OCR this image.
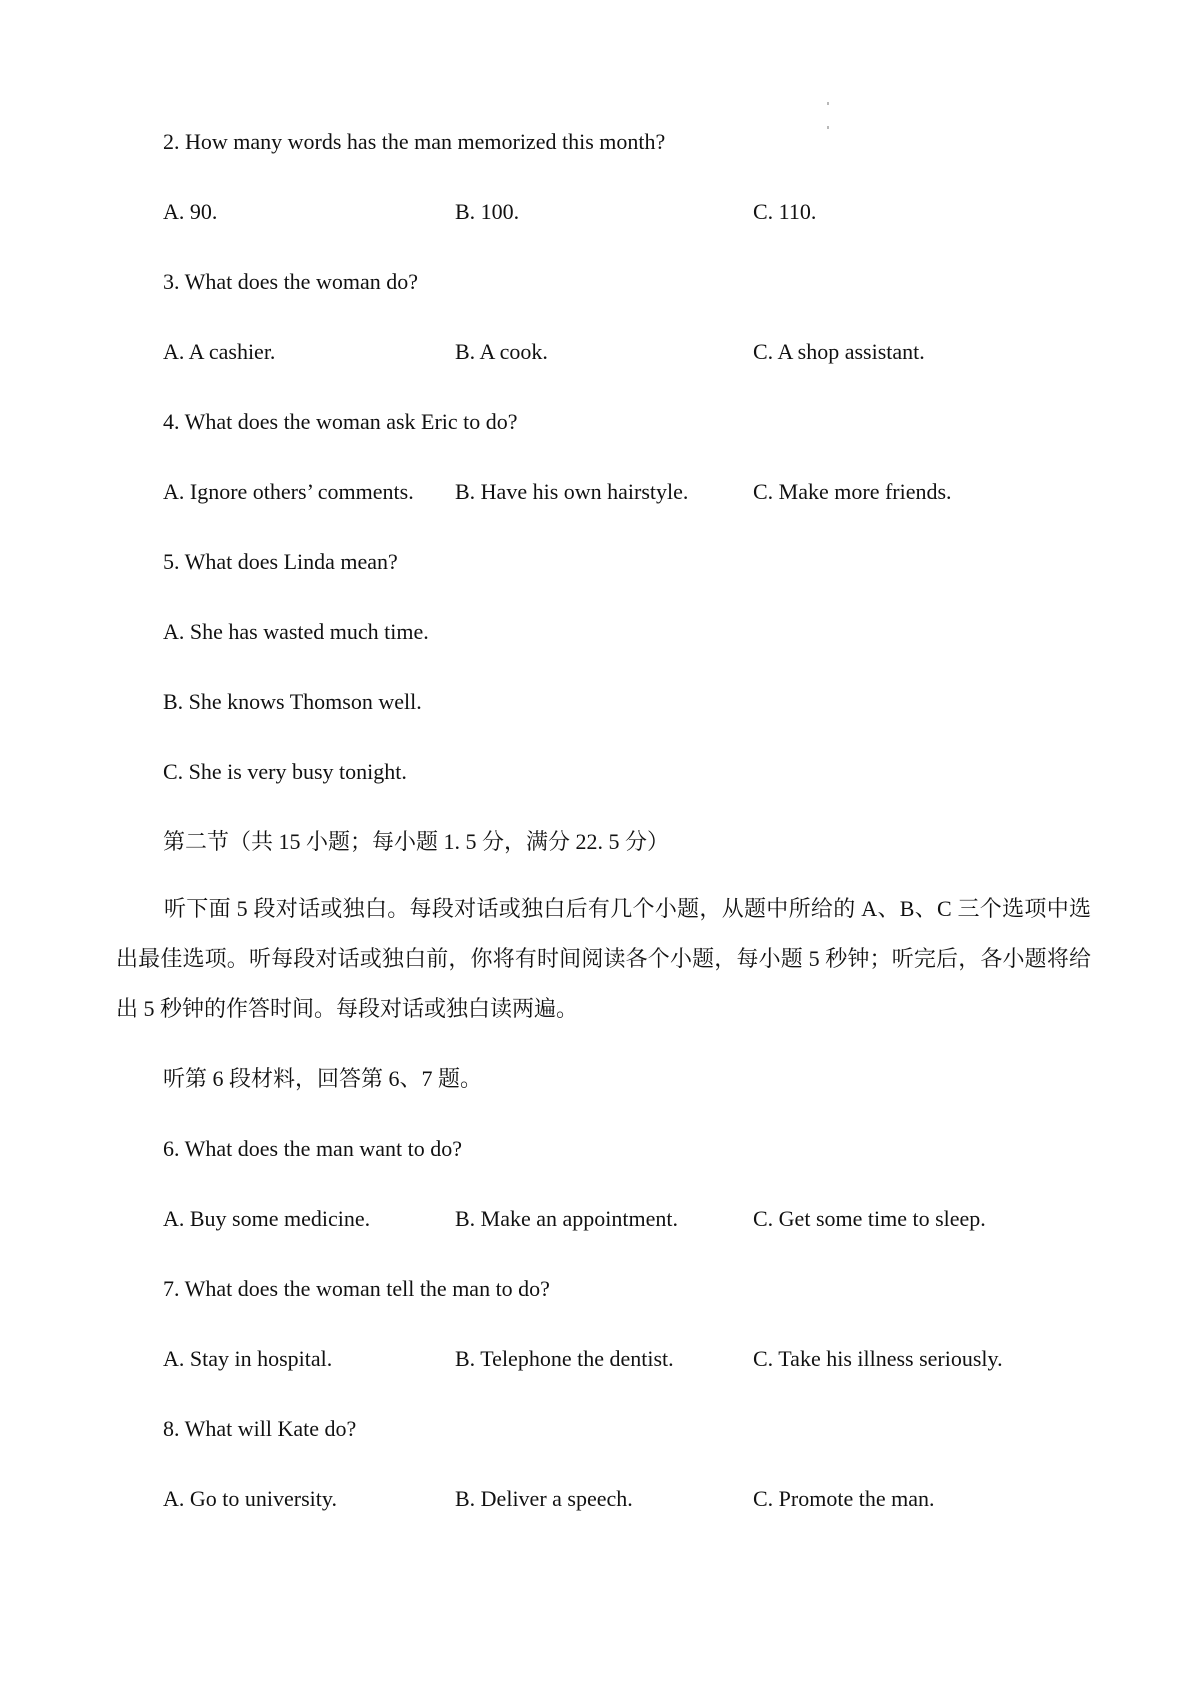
2. How many words has the man memorized this month?
A. 90.	B. 100.	C. 110.
3. What does the woman do?
A. A cashier.	B. A cook.	C. A shop assistant.
4. What does the woman ask Eric to do?
A. Ignore others’ comments. B. Have his own hairstyle.	C. Make more friends.
5. What does Linda mean?
A. She has wasted much time.
B. She knows Thomson well.
C. She is very busy tonight.
第二节（共 15 小题；每小题 1. 5 分，满分 22. 5 分）
听下面 5 段对话或独白。每段对话或独白后有几个小题，从题中所给的 A、B、C 三个选项中选出最佳选项。听每段对话或独白前，你将有时间阅读各个小题，每小题 5 秒钟；听完后，各小题将给出 5 秒钟的作答时间。每段对话或独白读两遍。
听第 6 段材料，回答第 6、7 题。
6. What does the man want to do?
A. Buy some medicine.	B. Make an appointment.	C. Get some time to sleep.
7. What does the woman tell the man to do?
A. Stay in hospital.	B. Telephone the dentist.	C. Take his illness seriously.
8. What will Kate do?
A. Go to university.	B. Deliver a speech.	C. Promote the man.
